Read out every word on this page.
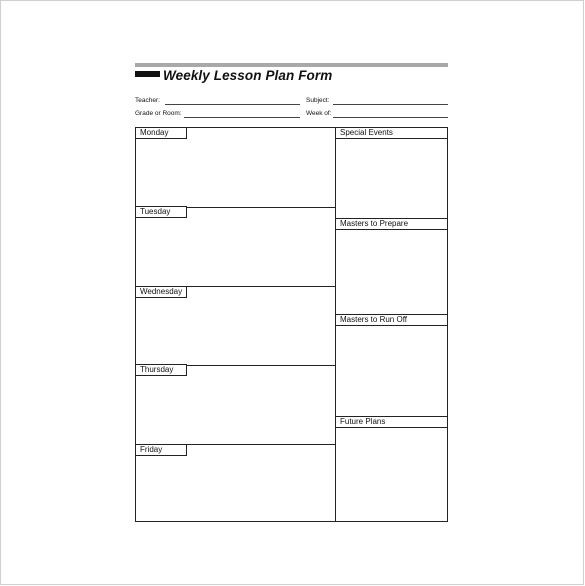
Weekly Lesson Plan Form
Teacher:	Subject:
Grade or Room:	Week of:
Monday
Tuesday
Wednesday
Thursday
Friday
Special Events
Masters to Prepare
Masters to Run Off
Future Plans
